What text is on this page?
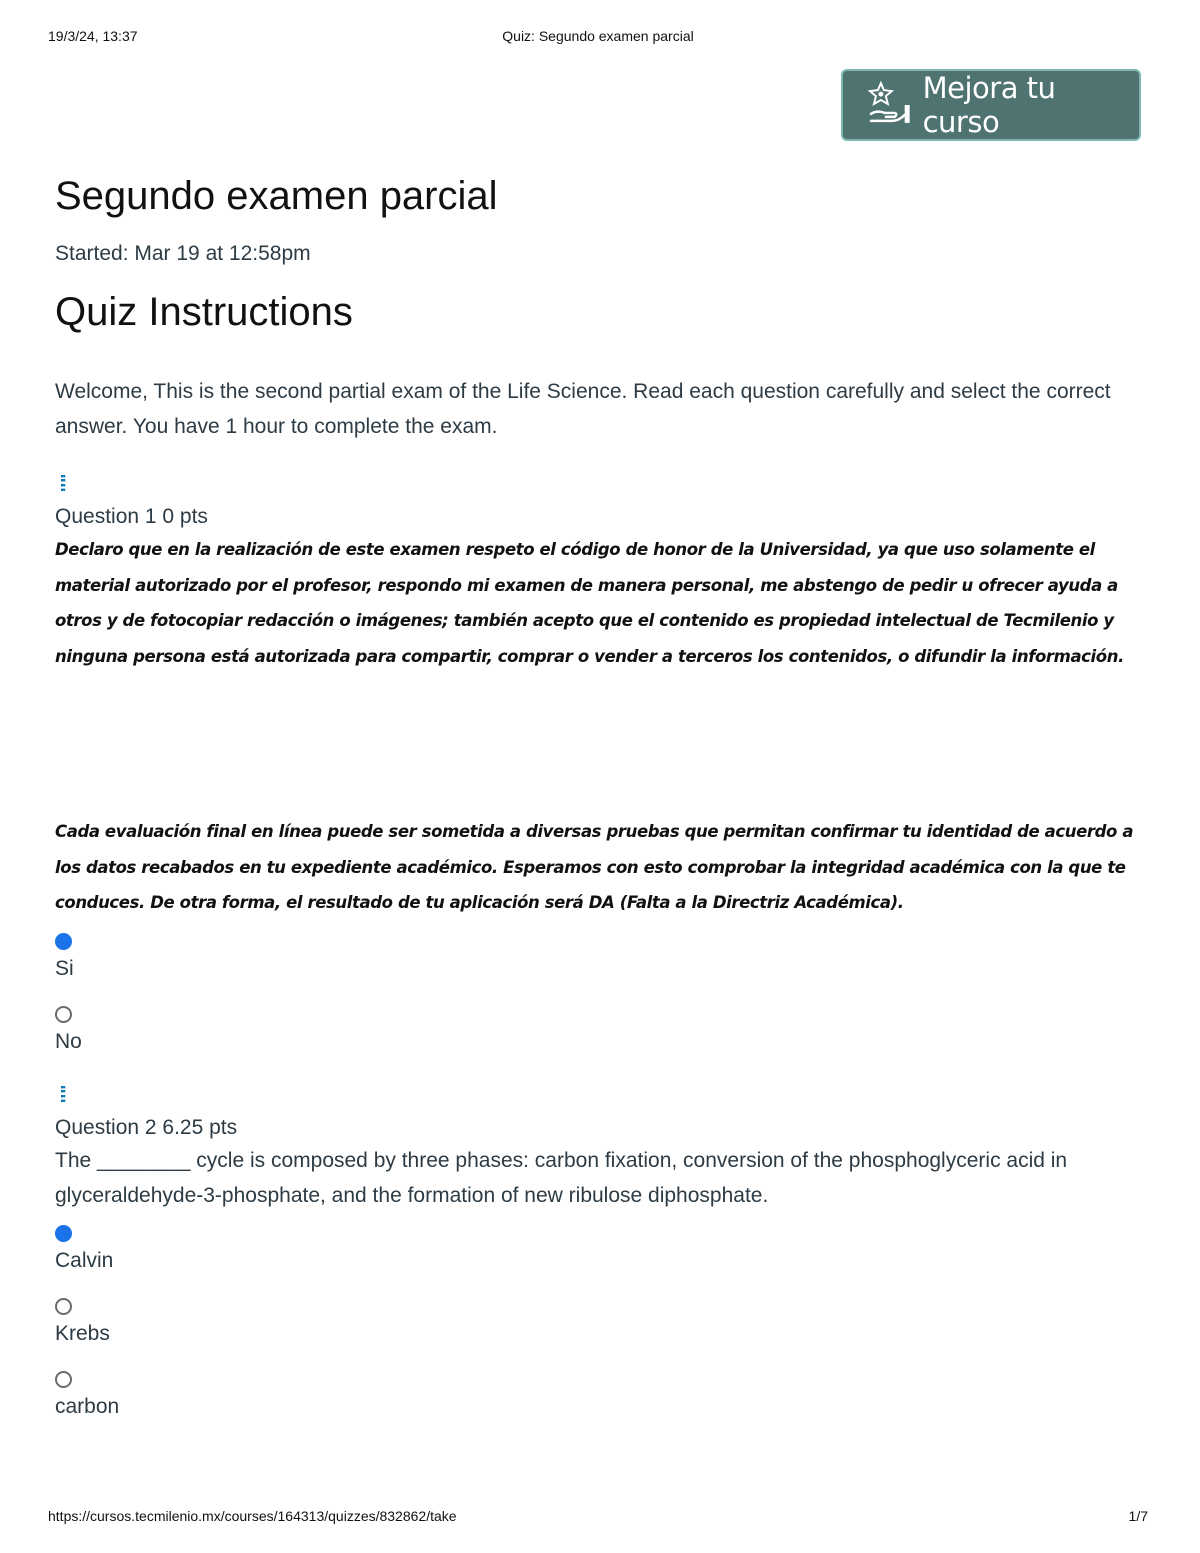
19/3/24, 13:37	Quiz: Segundo examen parcial
Mejora tu curso
Segundo examen parcial
Started: Mar 19 at 12:58pm
Quiz Instructions
Welcome, This is the second partial exam of the Life Science. Read each question carefully and select the correct answer. You have 1 hour to complete the exam.
⁞⁞
Question 1 0 pts
Declaro que en la realización de este examen respeto el código de honor de la Universidad, ya que uso solamente el material autorizado por el profesor, respondo mi examen de manera personal, me abstengo de pedir u ofrecer ayuda a otros y de fotocopiar redacción o imágenes; también acepto que el contenido es propiedad intelectual de Tecmilenio y ninguna persona está autorizada para compartir, comprar o vender a terceros los contenidos, o difundir la información.
Cada evaluación final en línea puede ser sometida a diversas pruebas que permitan confirmar tu identidad de acuerdo a los datos recabados en tu expediente académico. Esperamos con esto comprobar la integridad académica con la que te conduces. De otra forma, el resultado de tu aplicación será DA (Falta a la Directriz Académica).
Si
No
⁞⁞
Question 2 6.25 pts
The ________ cycle is composed by three phases: carbon fixation, conversion of the phosphoglyceric acid in glyceraldehyde-3-phosphate, and the formation of new ribulose diphosphate.
Calvin
Krebs
carbon
https://cursos.tecmilenio.mx/courses/164313/quizzes/832862/take	1/7
